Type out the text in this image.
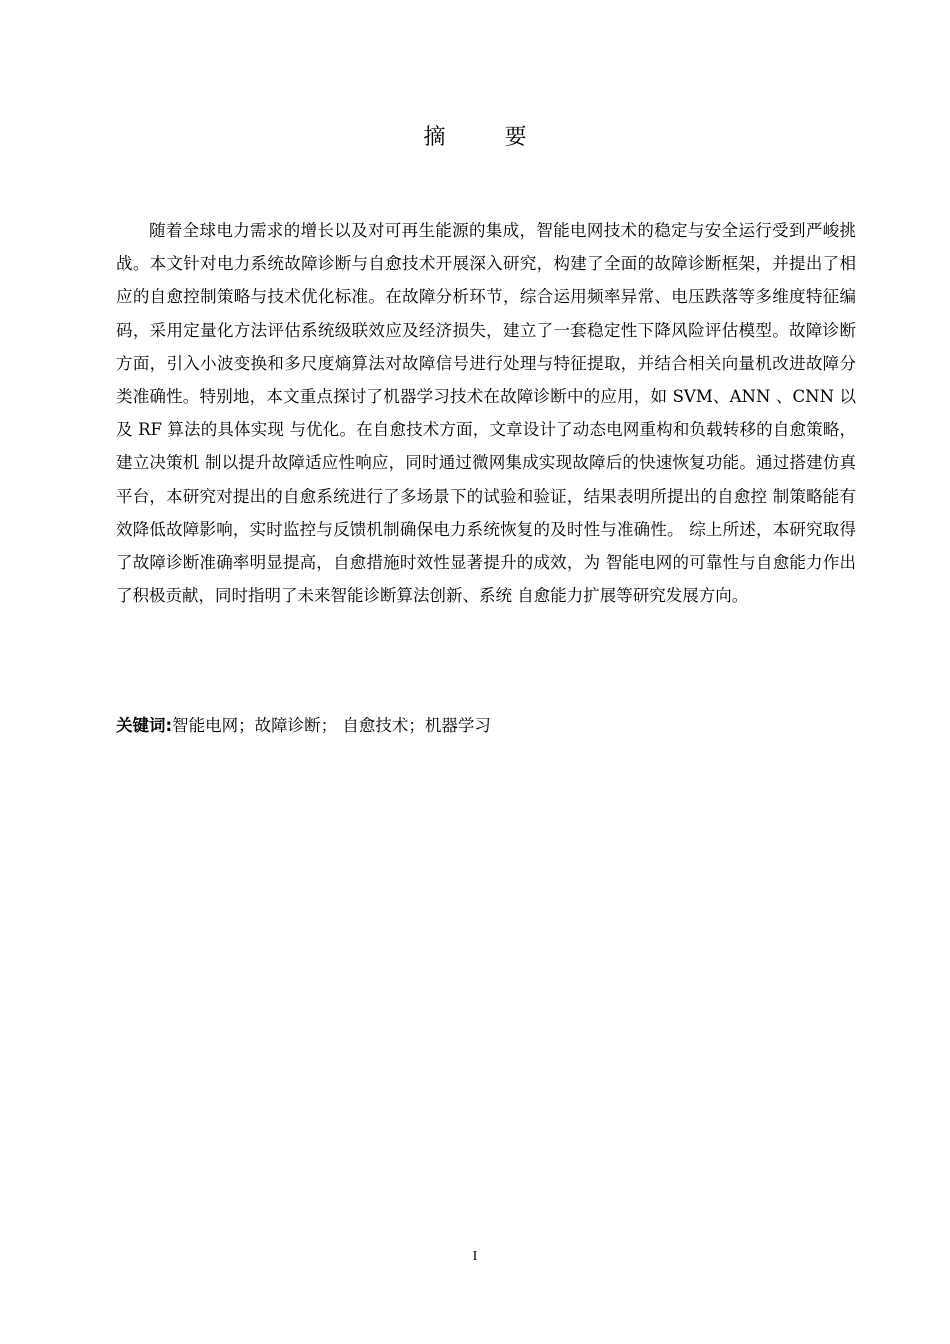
摘 要

随着全球电力需求的增长以及对可再生能源的集成，智能电网技术的稳定与安全运行受到严峻挑战。本文针对电力系统故障诊断与自愈技术开展深入研究，构建了全面的故障诊断框架，并提出了相应的自愈控制策略与技术优化标准。在故障分析环节，综合运用频率异常、电压跌落等多维度特征编码，采用定量化方法评估系统级联效应及经济损失，建立了一套稳定性下降风险评估模型。故障诊断方面，引入小波变换和多尺度熵算法对故障信号进行处理与特征提取，并结合相关向量机改进故障分类准确性。特别地，本文重点探讨了机器学习技术在故障诊断中的应用，如 SVM、ANN 、CNN 以及 RF 算法的具体实现 与优化。在自愈技术方面，文章设计了动态电网重构和负载转移的自愈策略，建立决策机 制以提升故障适应性响应，同时通过微网集成实现故障后的快速恢复功能。通过搭建仿真 平台，本研究对提出的自愈系统进行了多场景下的试验和验证，结果表明所提出的自愈控 制策略能有效降低故障影响，实时监控与反馈机制确保电力系统恢复的及时性与准确性。 综上所述，本研究取得了故障诊断准确率明显提高，自愈措施时效性显著提升的成效，为 智能电网的可靠性与自愈能力作出了积极贡献，同时指明了未来智能诊断算法创新、系统 自愈能力扩展等研究发展方向。

关键词:智能电网；故障诊断； 自愈技术；机器学习

I
